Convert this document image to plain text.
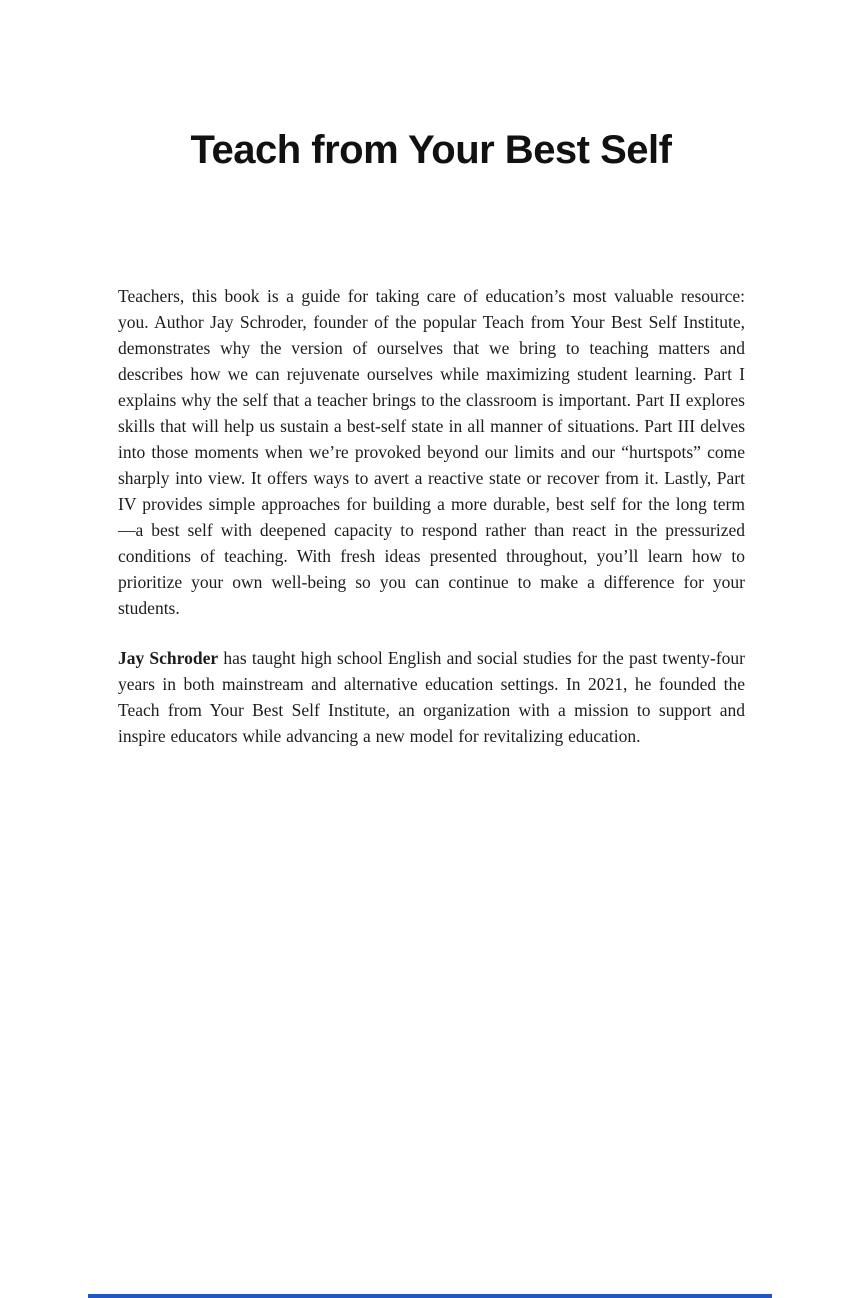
Teach from Your Best Self

Teachers, this book is a guide for taking care of education’s most valuable resource: you. Author Jay Schroder, founder of the popular Teach from Your Best Self Institute, demonstrates why the version of ourselves that we bring to teaching matters and describes how we can rejuvenate ourselves while maximizing student learning. Part I explains why the self that a teacher brings to the classroom is important. Part II explores skills that will help us sustain a best-self state in all manner of situations. Part III delves into those moments when we’re provoked beyond our limits and our “hurtspots” come sharply into view. It offers ways to avert a reactive state or recover from it. Lastly, Part IV provides simple approaches for building a more durable, best self for the long term—a best self with deepened capacity to respond rather than react in the pressurized conditions of teaching. With fresh ideas presented throughout, you’ll learn how to prioritize your own well-being so you can continue to make a difference for your students.

Jay Schroder has taught high school English and social studies for the past twenty-four years in both mainstream and alternative education settings. In 2021, he founded the Teach from Your Best Self Institute, an organization with a mission to support and inspire educators while advancing a new model for revitalizing education.
